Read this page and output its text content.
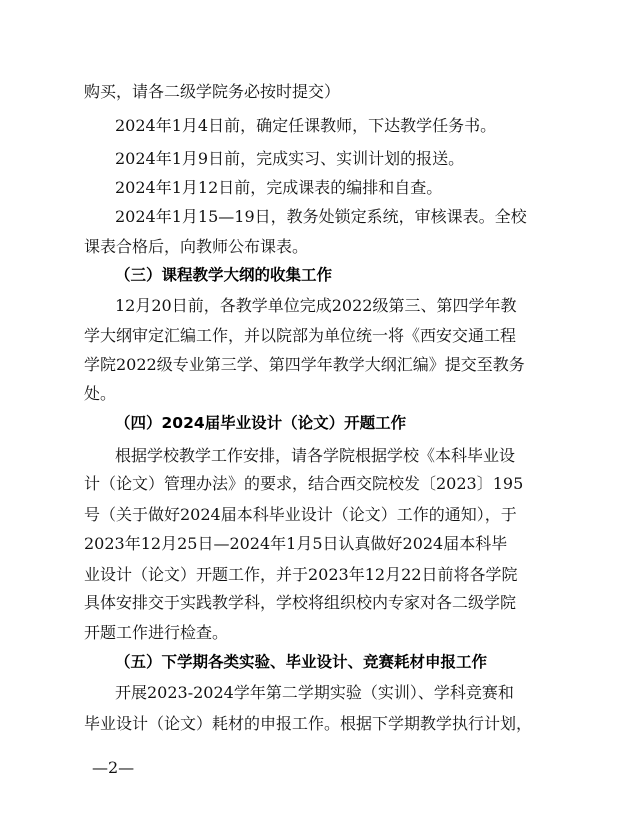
购买，请各二级学院务必按时提交）

2024年1月4日前，确定任课教师，下达教学任务书。

2024年1月9日前，完成实习、实训计划的报送。

2024年1月12日前，完成课表的编排和自查。

2024年1月15—19日，教务处锁定系统，审核课表。全校

课表合格后，向教师公布课表。

（三）课程教学大纲的收集工作

12月20日前，各教学单位完成2022级第三、第四学年教

学大纲审定汇编工作，并以院部为单位统一将《西安交通工程

学院2022级专业第三学、第四学年教学大纲汇编》提交至教务

处。

（四）2024届毕业设计（论文）开题工作

根据学校教学工作安排，请各学院根据学校《本科毕业设

计（论文）管理办法》的要求，结合西交院校发〔2023〕195

号（关于做好2024届本科毕业设计（论文）工作的通知），于

2023年12月25日—2024年1月5日认真做好2024届本科毕

业设计（论文）开题工作，并于2023年12月22日前将各学院

具体安排交于实践教学科，学校将组织校内专家对各二级学院

开题工作进行检查。

（五）下学期各类实验、毕业设计、竞赛耗材申报工作

开展2023-2024学年第二学期实验（实训）、学科竞赛和

毕业设计（论文）耗材的申报工作。根据下学期教学执行计划，

—2—
